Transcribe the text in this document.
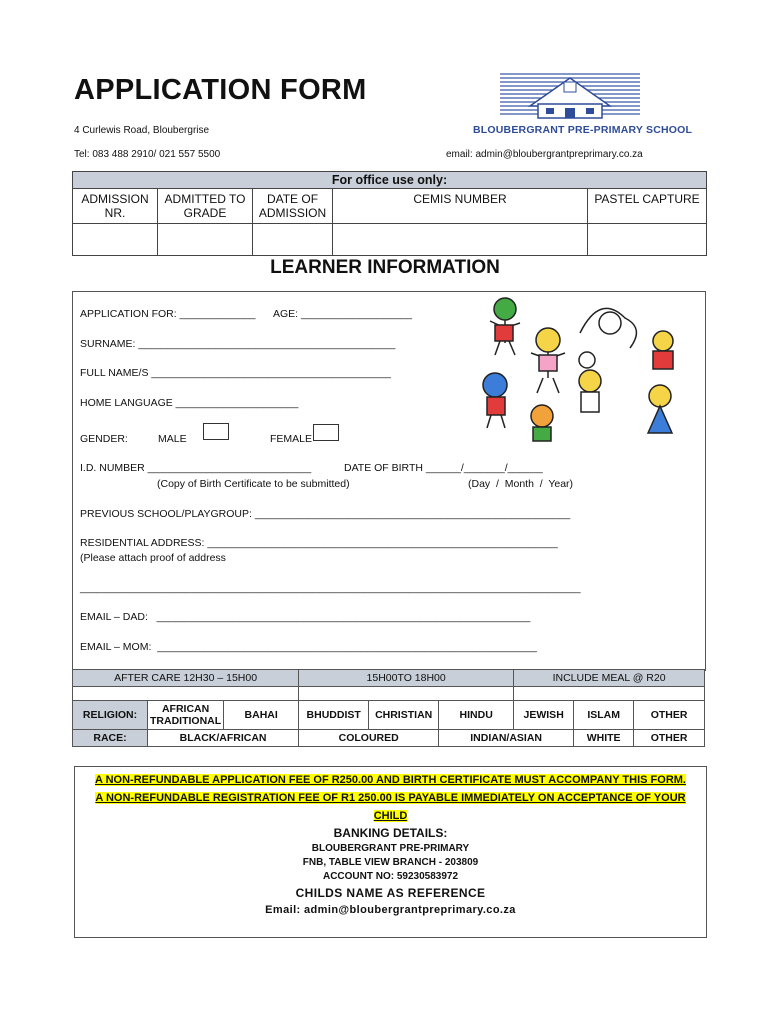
APPLICATION FORM
4 Curlewis Road, Bloubergrise
Tel: 083 488 2910/ 021 557 5500	email: admin@bloubergrantpreprimary.co.za
BLOUBERGRANT PRE-PRIMARY SCHOOL
For office use only:				
ADMISSION NR.	ADMITTED TO GRADE	DATE OF ADMISSION	CEMIS NUMBER	PASTEL CAPTURE

LEARNER INFORMATION
APPLICATION FOR: _____________ AGE: ___________________
SURNAME: ____________________________________________
FULL NAME/S _________________________________________
HOME LANGUAGE _____________________
GENDER:	MALE	FEMALE
I.D. NUMBER ____________________________
(Copy of Birth Certificate to be submitted)
DATE OF BIRTH ______/_______/______
(Day  /  Month  /  Year)
PREVIOUS SCHOOL/PLAYGROUP: ______________________________________________________
RESIDENTIAL ADDRESS: ____________________________________________________________
(Please attach proof of address
__________________________________________________________________________________________
EMAIL – DAD:   ________________________________________________________________
EMAIL – MOM:  _________________________________________________________________
AFTER CARE 12H30 – 15H00			15H00TO 18H00			INCLUDE MEAL @ R20		

RELIGION:	AFRICAN TRADITIONAL	BAHAI	BHUDDIST	CHRISTIAN	HINDU	JEWISH	ISLAM	OTHER
RACE:	BLACK/AFRICAN		COLOURED		INDIAN/ASIAN		WHITE	OTHER
A NON-REFUNDABLE APPLICATION FEE OF R250.00 AND BIRTH CERTIFICATE MUST ACCOMPANY THIS FORM.
A NON-REFUNDABLE REGISTRATION FEE OF R1 250.00 IS PAYABLE IMMEDIATELY ON ACCEPTANCE OF YOUR CHILD
BANKING DETAILS:
BLOUBERGRANT PRE-PRIMARY
FNB, TABLE VIEW BRANCH - 203809
ACCOUNT NO: 59230583972
CHILDS NAME AS REFERENCE
Email: admin@bloubergrantpreprimary.co.za
